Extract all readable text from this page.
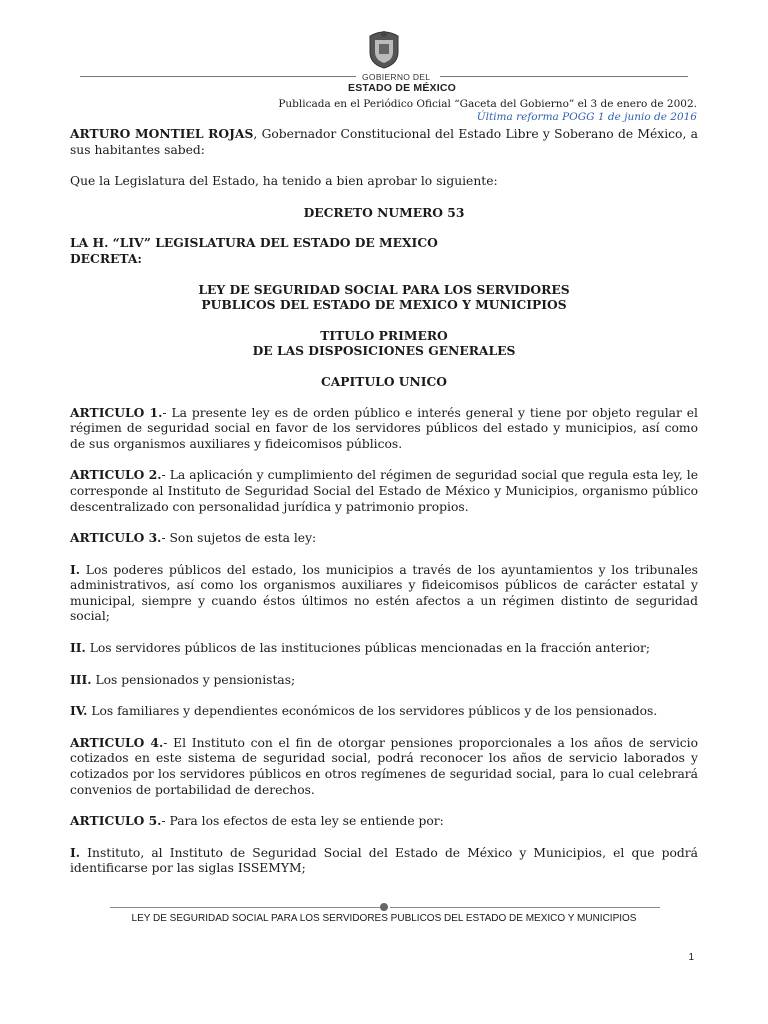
GOBIERNO DEL
ESTADO DE MÉXICO
Publicada en el Periódico Oficial “Gaceta del Gobierno” el 3 de enero de 2002.
Última reforma POGG 1 de junio de 2016

ARTURO MONTIEL ROJAS, Gobernador Constitucional del Estado Libre y Soberano de México, a sus habitantes sabed:

Que la Legislatura del Estado, ha tenido a bien aprobar lo siguiente:

DECRETO NUMERO 53

LA H. “LIV” LEGISLATURA DEL ESTADO DE MEXICO

DECRETA:

LEY DE SEGURIDAD SOCIAL PARA LOS SERVIDORES

PUBLICOS DEL ESTADO DE MEXICO Y MUNICIPIOS

TITULO PRIMERO

DE LAS DISPOSICIONES GENERALES

CAPITULO UNICO

ARTICULO 1.- La presente ley es de orden público e interés general y tiene por objeto regular el régimen de seguridad social en favor de los servidores públicos del estado y municipios, así como de sus organismos auxiliares y fideicomisos públicos.

ARTICULO 2.- La aplicación y cumplimiento del régimen de seguridad social que regula esta ley, le corresponde al Instituto de Seguridad Social del Estado de México y Municipios, organismo público descentralizado con personalidad jurídica y patrimonio propios.

ARTICULO 3.- Son sujetos de esta ley:

I. Los poderes públicos del estado, los municipios a través de los ayuntamientos y los tribunales administrativos, así como los organismos auxiliares y fideicomisos públicos de carácter estatal y municipal, siempre y cuando éstos últimos no estén afectos a un régimen distinto de seguridad social;

II. Los servidores públicos de las instituciones públicas mencionadas en la fracción anterior;

III. Los pensionados y pensionistas;

IV. Los familiares y dependientes económicos de los servidores públicos y de los pensionados.

ARTICULO 4.- El Instituto con el fin de otorgar pensiones proporcionales a los años de servicio cotizados en este sistema de seguridad social, podrá reconocer los años de servicio laborados y cotizados por los servidores públicos en otros regímenes de seguridad social, para lo cual celebrará convenios de portabilidad de derechos.

ARTICULO 5.- Para los efectos de esta ley se entiende por:

I. Instituto, al Instituto de Seguridad Social del Estado de México y Municipios, el que podrá identificarse por las siglas ISSEMYM;

LEY DE SEGURIDAD SOCIAL PARA LOS SERVIDORES PUBLICOS DEL ESTADO DE MEXICO Y MUNICIPIOS
1
